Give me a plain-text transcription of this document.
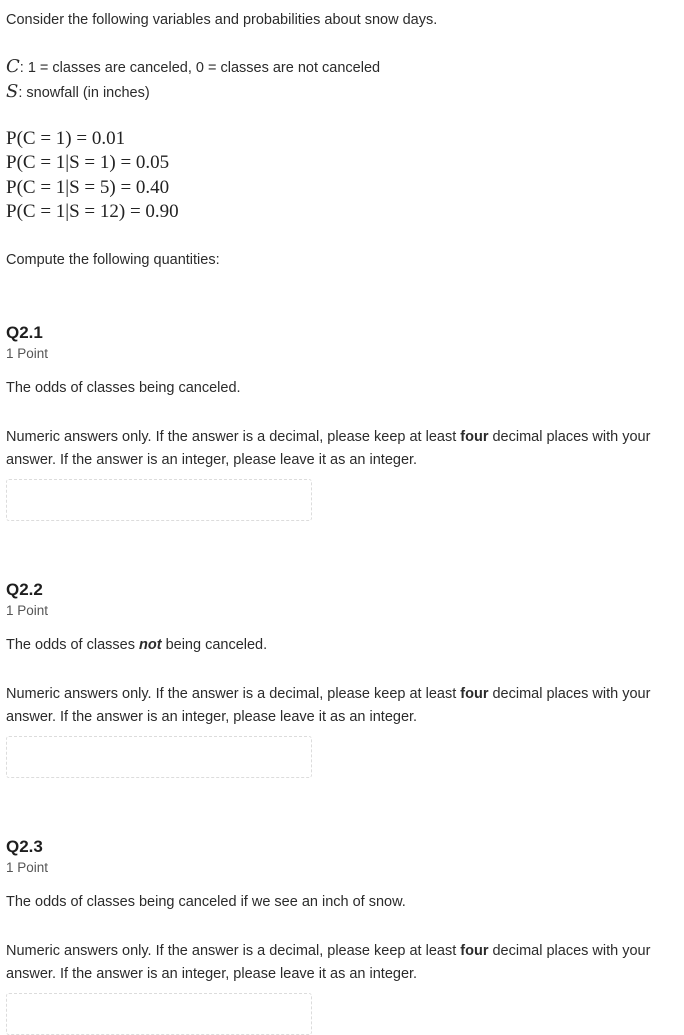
Consider the following variables and probabilities about snow days.
C: 1 = classes are canceled, 0 = classes are not canceled
S: snowfall (in inches)
P(C = 1) = 0.01
P(C = 1|S = 1) = 0.05
P(C = 1|S = 5) = 0.40
P(C = 1|S = 12) = 0.90
Compute the following quantities:
Q2.1
1 Point
The odds of classes being canceled.
Numeric answers only. If the answer is a decimal, please keep at least four decimal places with your answer. If the answer is an integer, please leave it as an integer.
Q2.2
1 Point
The odds of classes not being canceled.
Numeric answers only. If the answer is a decimal, please keep at least four decimal places with your answer. If the answer is an integer, please leave it as an integer.
Q2.3
1 Point
The odds of classes being canceled if we see an inch of snow.
Numeric answers only. If the answer is a decimal, please keep at least four decimal places with your answer. If the answer is an integer, please leave it as an integer.
